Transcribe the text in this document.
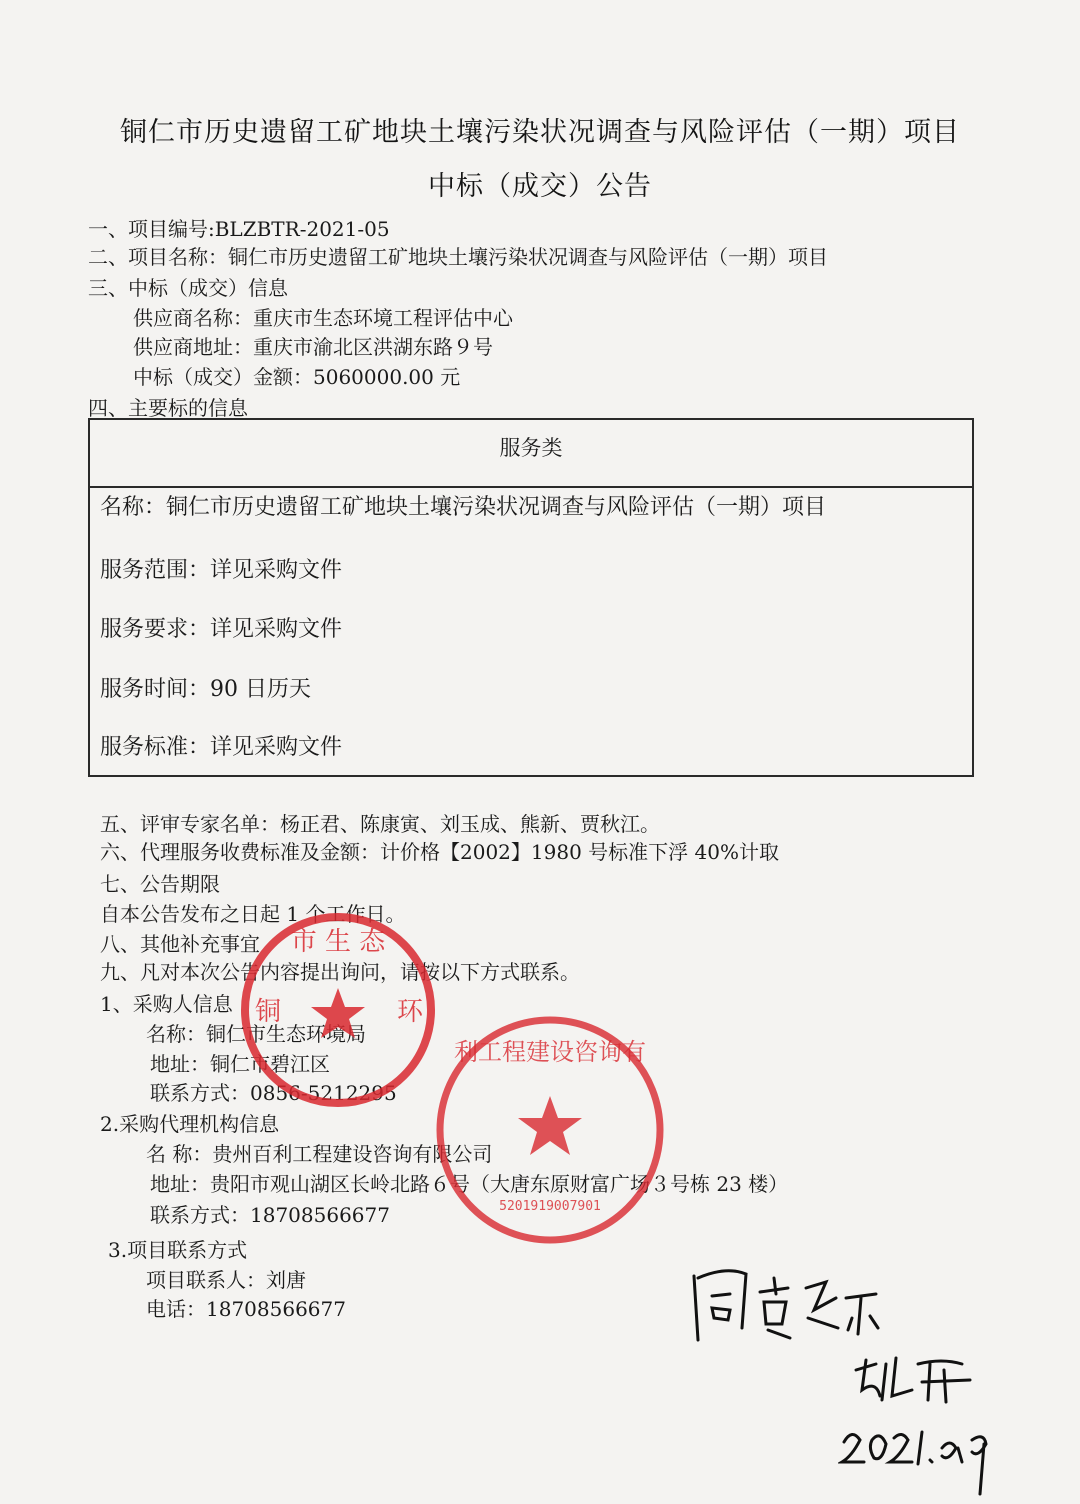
铜仁市历史遗留工矿地块土壤污染状况调查与风险评估（一期）项目
中标（成交）公告
一、项目编号:BLZBTR-2021-05
二、项目名称：铜仁市历史遗留工矿地块土壤污染状况调查与风险评估（一期）项目
三、中标（成交）信息
供应商名称：重庆市生态环境工程评估中心
供应商地址：重庆市渝北区洪湖东路９号
中标（成交）金额：5060000.00 元
四、主要标的信息
服务类
名称：铜仁市历史遗留工矿地块土壤污染状况调查与风险评估（一期）项目
服务范围：详见采购文件
服务要求：详见采购文件
服务时间：90 日历天
服务标准：详见采购文件
五、评审专家名单：杨正君、陈康寅、刘玉成、熊新、贾秋江。
六、代理服务收费标准及金额：计价格【2002】1980 号标准下浮 40%计取
七、公告期限
自本公告发布之日起 1 个工作日。
八、其他补充事宜
九、凡对本次公告内容提出询问，请按以下方式联系。
1、采购人信息
名称：铜仁市生态环境局
地址：铜仁市碧江区
联系方式：0856-5212295
2.采购代理机构信息
名 称：贵州百利工程建设咨询有限公司
地址：贵阳市观山湖区长岭北路６号（大唐东原财富广场３号栋 23 楼）
联系方式：18708566677
3.项目联系方式
项目联系人：刘唐
电话：18708566677
市 生 态
环
铜
利工程建设咨询有
5201919007901
